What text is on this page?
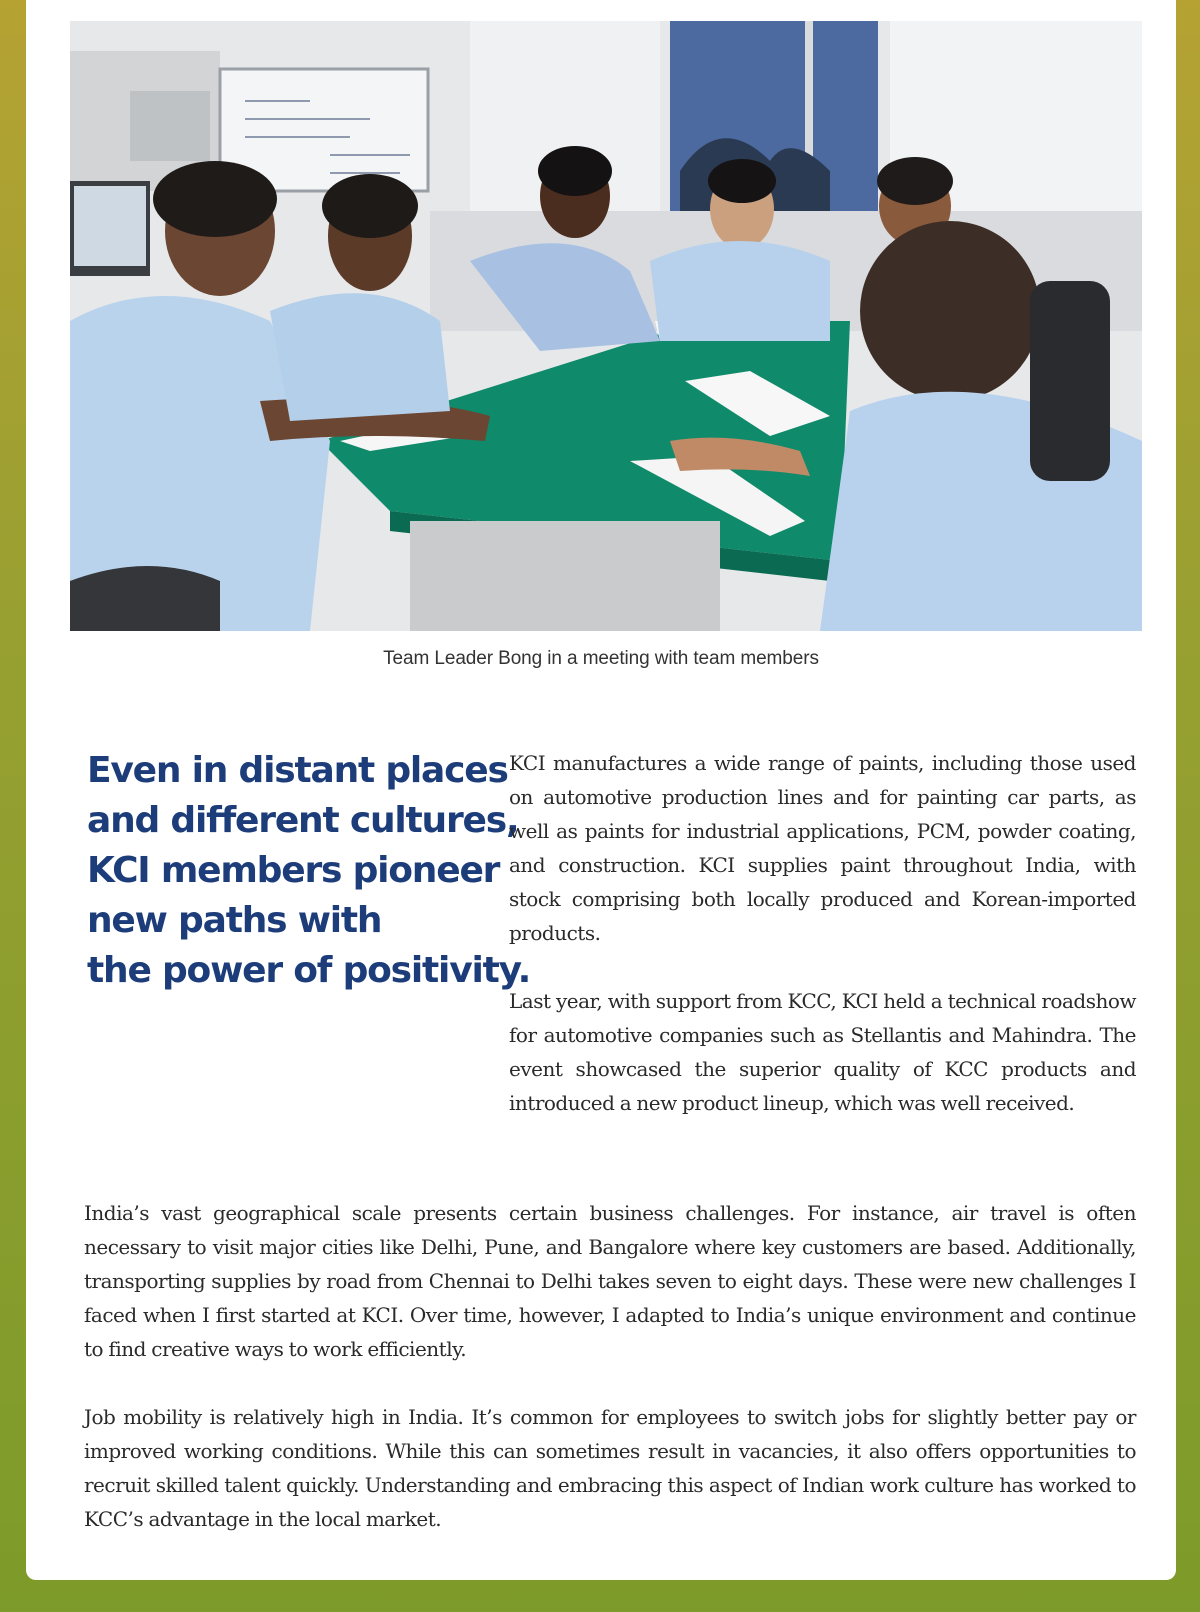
Team Leader Bong in a meeting with team members
Even in distant places
and different cultures,
KCI members pioneer
new paths with
the power of positivity.

KCI manufactures a wide range of paints, including those used on automotive production lines and for painting car parts, as well as paints for industrial applications, PCM, powder coating, and construction. KCI supplies paint throughout India, with stock comprising both locally produced and Korean-imported products.

Last year, with support from KCC, KCI held a technical roadshow for automotive companies such as Stellantis and Mahindra. The event showcased the superior quality of KCC products and introduced a new product lineup, which was well received.

India’s vast geographical scale presents certain business challenges. For instance, air travel is often necessary to visit major cities like Delhi, Pune, and Bangalore where key customers are based. Additionally, transporting supplies by road from Chennai to Delhi takes seven to eight days. These were new challenges I faced when I first started at KCI. Over time, however, I adapted to India’s unique environment and continue to find creative ways to work efficiently.

Job mobility is relatively high in India. It’s common for employees to switch jobs for slightly better pay or improved working conditions. While this can sometimes result in vacancies, it also offers opportunities to recruit skilled talent quickly. Understanding and embracing this aspect of Indian work culture has worked to KCC’s advantage in the local market.
